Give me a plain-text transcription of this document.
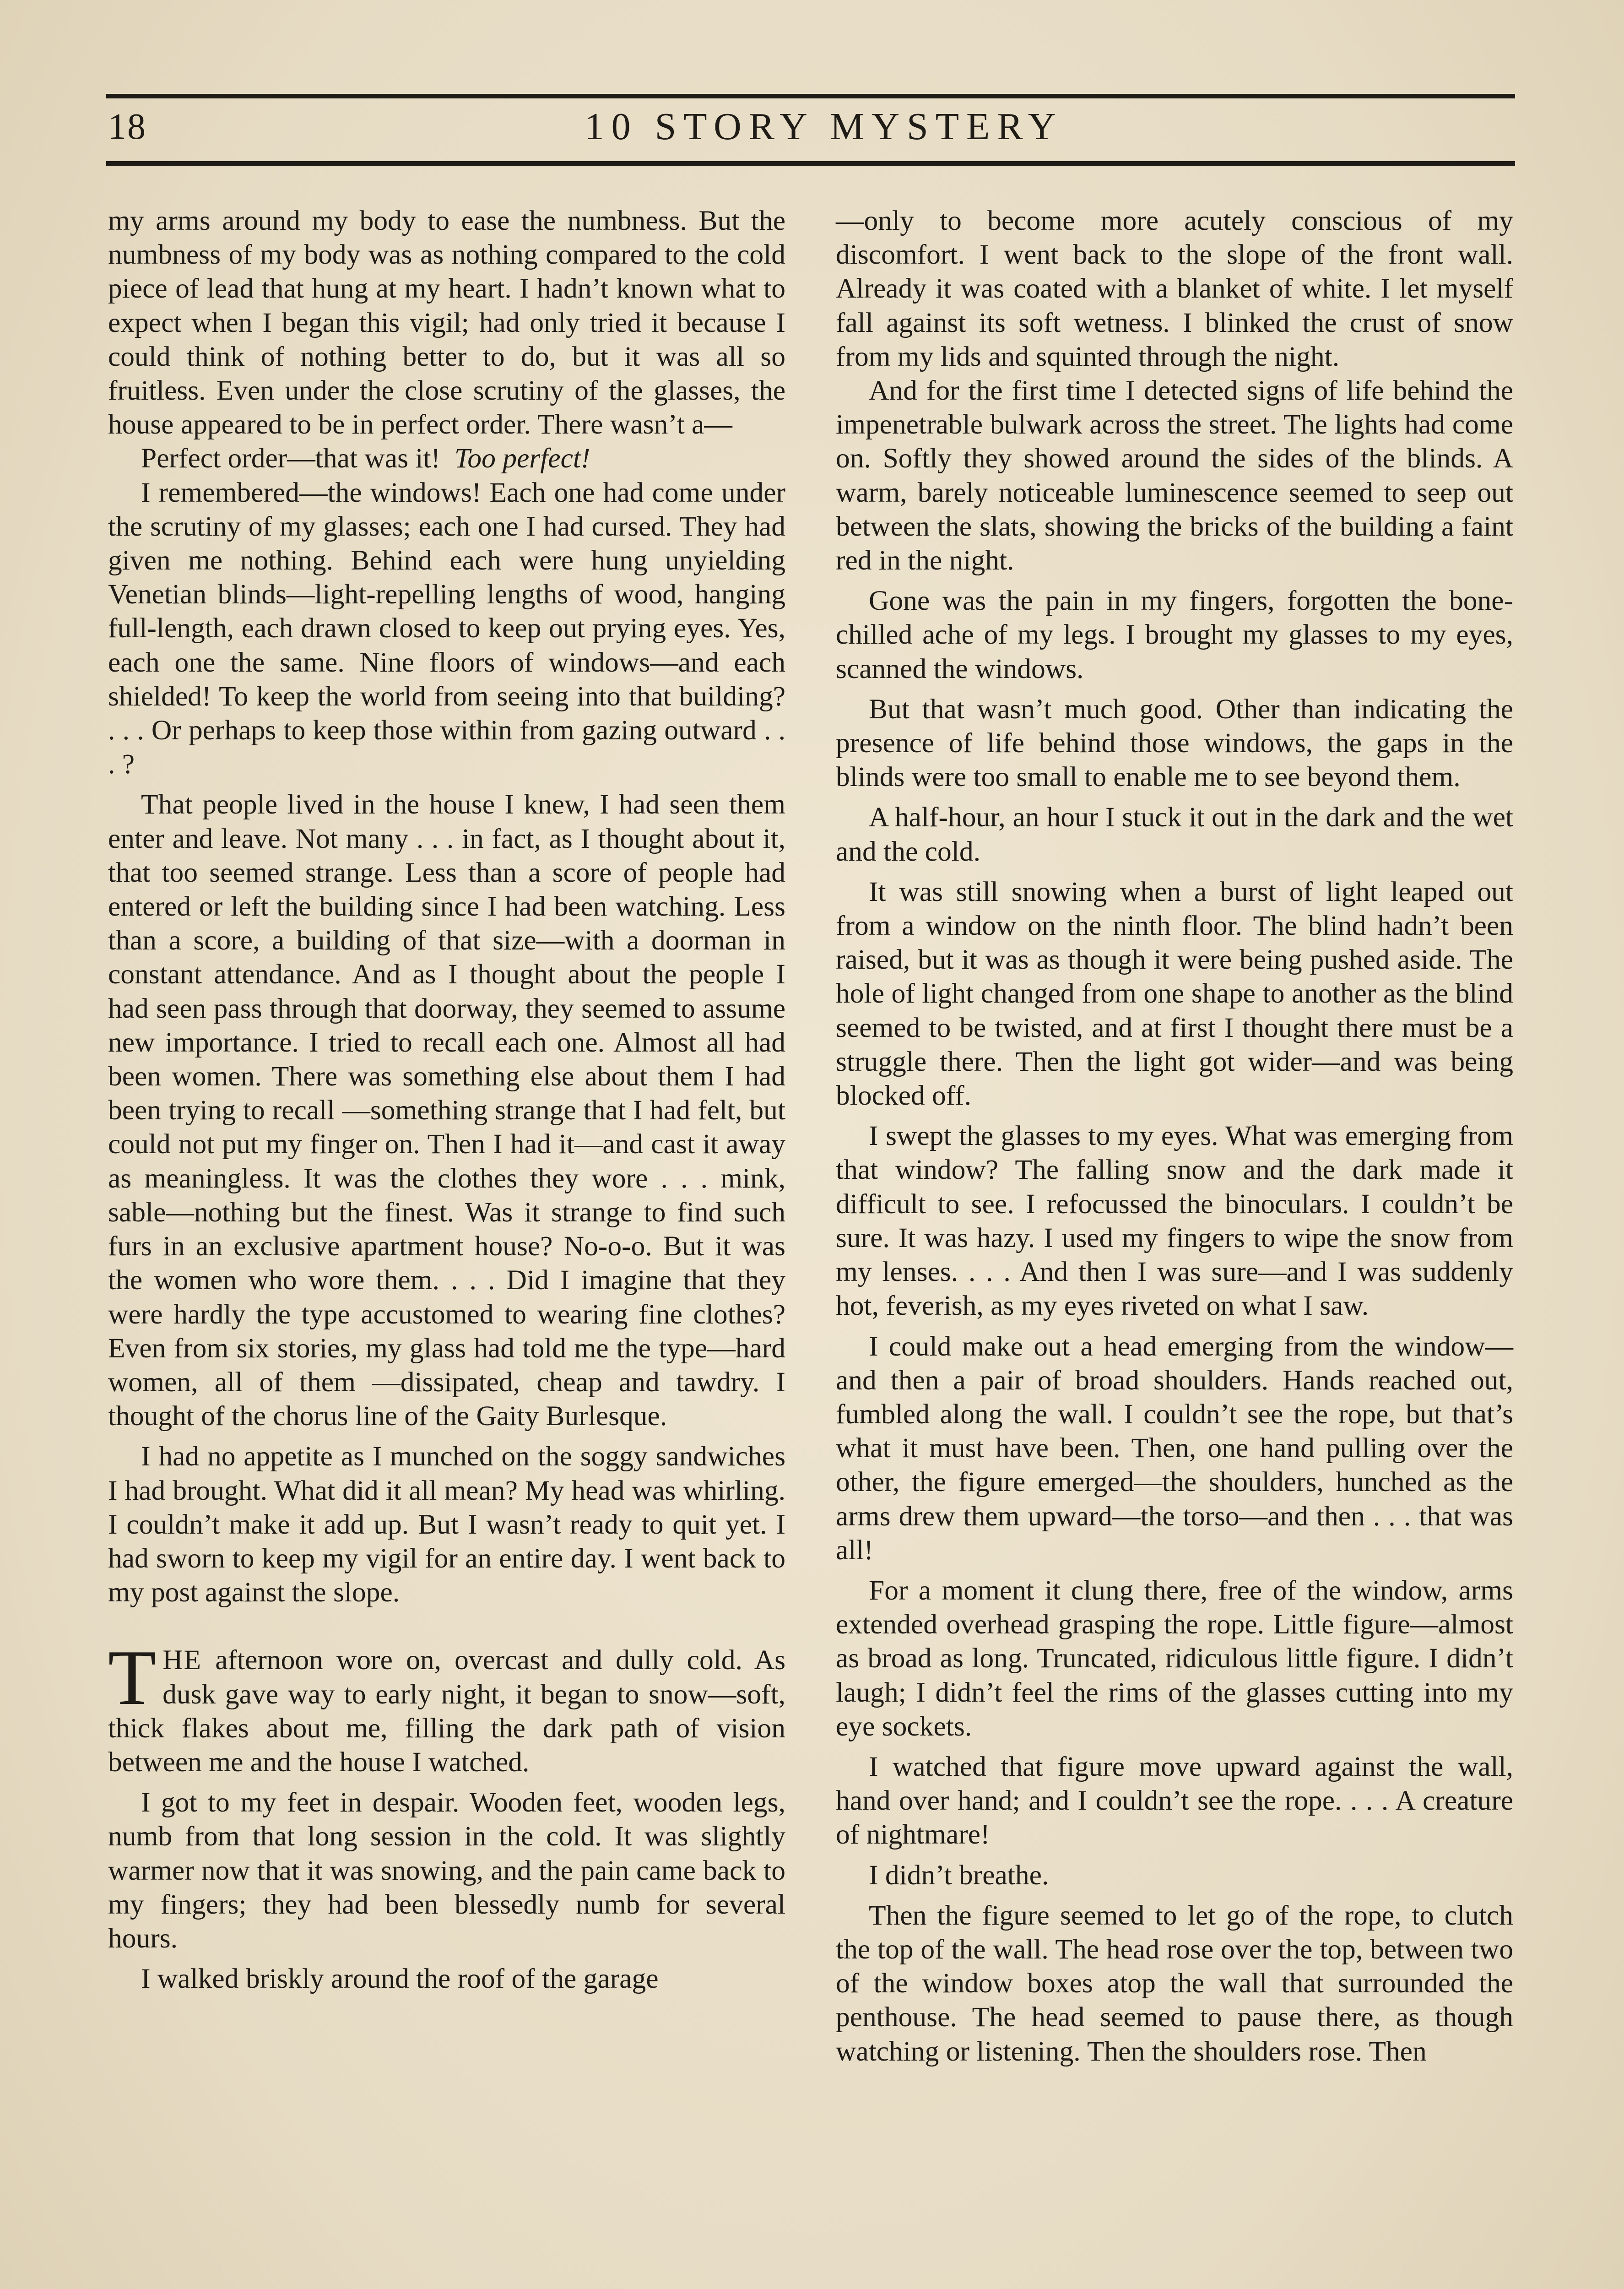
18	10 STORY MYSTERY

my arms around my body to ease the numbness. But the numbness of my body was as nothing compared to the cold piece of lead that hung at my heart. I hadn’t known what to expect when I began this vigil; had only tried it because I could think of nothing better to do, but it was all so fruitless. Even under the close scrutiny of the glasses, the house appeared to be in perfect order. There wasn’t a—

Perfect order—that was it! Too perfect!

I remembered—the windows! Each one had come under the scrutiny of my glasses; each one I had cursed. They had given me nothing. Behind each were hung unyielding Venetian blinds—light-repelling lengths of wood, hanging full-length, each drawn closed to keep out prying eyes. Yes, each one the same. Nine floors of windows—and each shielded! To keep the world from seeing into that building? . . . Or perhaps to keep those within from gazing outward . . . ?

That people lived in the house I knew, I had seen them enter and leave. Not many . . . in fact, as I thought about it, that too seemed strange. Less than a score of people had entered or left the building since I had been watching. Less than a score, a building of that size—with a doorman in constant attendance. And as I thought about the people I had seen pass through that doorway, they seemed to assume new importance. I tried to recall each one. Almost all had been women. There was something else about them I had been trying to recall —something strange that I had felt, but could not put my finger on. Then I had it—and cast it away as meaningless. It was the clothes they wore . . . mink, sable—nothing but the finest. Was it strange to find such furs in an exclusive apartment house? No-o-o. But it was the women who wore them. . . . Did I imagine that they were hardly the type accustomed to wearing fine clothes? Even from six stories, my glass had told me the type—hard women, all of them —dissipated, cheap and tawdry. I thought of the chorus line of the Gaity Burlesque.

I had no appetite as I munched on the soggy sandwiches I had brought. What did it all mean? My head was whirling. I couldn’t make it add up. But I wasn’t ready to quit yet. I had sworn to keep my vigil for an entire day. I went back to my post against the slope.

THE afternoon wore on, overcast and dully cold. As dusk gave way to early night, it began to snow—soft, thick flakes about me, filling the dark path of vision between me and the house I watched.

I got to my feet in despair. Wooden feet, wooden legs, numb from that long session in the cold. It was slightly warmer now that it was snowing, and the pain came back to my fingers; they had been blessedly numb for several hours.

I walked briskly around the roof of the garage

—only to become more acutely conscious of my discomfort. I went back to the slope of the front wall. Already it was coated with a blanket of white. I let myself fall against its soft wetness. I blinked the crust of snow from my lids and squinted through the night.

And for the first time I detected signs of life behind the impenetrable bulwark across the street. The lights had come on. Softly they showed around the sides of the blinds. A warm, barely noticeable luminescence seemed to seep out between the slats, showing the bricks of the building a faint red in the night.

Gone was the pain in my fingers, forgotten the bone-chilled ache of my legs. I brought my glasses to my eyes, scanned the windows.

But that wasn’t much good. Other than indicating the presence of life behind those windows, the gaps in the blinds were too small to enable me to see beyond them.

A half-hour, an hour I stuck it out in the dark and the wet and the cold.

It was still snowing when a burst of light leaped out from a window on the ninth floor. The blind hadn’t been raised, but it was as though it were being pushed aside. The hole of light changed from one shape to another as the blind seemed to be twisted, and at first I thought there must be a struggle there. Then the light got wider—and was being blocked off.

I swept the glasses to my eyes. What was emerging from that window? The falling snow and the dark made it difficult to see. I refocussed the binoculars. I couldn’t be sure. It was hazy. I used my fingers to wipe the snow from my lenses. . . . And then I was sure—and I was suddenly hot, feverish, as my eyes riveted on what I saw.

I could make out a head emerging from the window—and then a pair of broad shoulders. Hands reached out, fumbled along the wall. I couldn’t see the rope, but that’s what it must have been. Then, one hand pulling over the other, the figure emerged—the shoulders, hunched as the arms drew them upward—the torso—and then . . . that was all!

For a moment it clung there, free of the window, arms extended overhead grasping the rope. Little figure—almost as broad as long. Truncated, ridiculous little figure. I didn’t laugh; I didn’t feel the rims of the glasses cutting into my eye sockets.

I watched that figure move upward against the wall, hand over hand; and I couldn’t see the rope. . . . A creature of nightmare!

I didn’t breathe.

Then the figure seemed to let go of the rope, to clutch the top of the wall. The head rose over the top, between two of the window boxes atop the wall that surrounded the penthouse. The head seemed to pause there, as though watching or listening. Then the shoulders rose. Then
